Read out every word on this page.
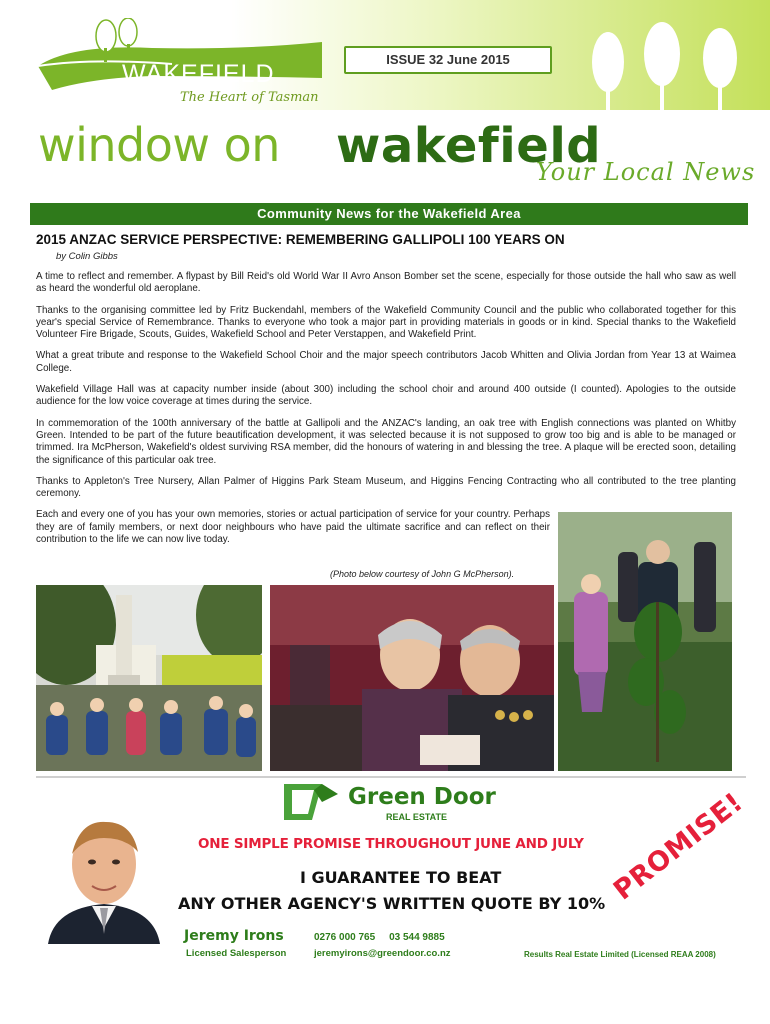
WAKEFIELD
The Heart of Tasman
ISSUE 32 June 2015
window on wakefield
Your Local News
Community News for the Wakefield Area
2015 ANZAC SERVICE PERSPECTIVE: REMEMBERING GALLIPOLI 100 YEARS ON
by Colin Gibbs

A time to reflect and remember. A flypast by Bill Reid's old World War II Avro Anson Bomber set the scene, especially for those outside the hall who saw as well as heard the wonderful old aeroplane.

Thanks to the organising committee led by Fritz Buckendahl, members of the Wakefield Community Council and the public who collaborated together for this year's special Service of Remembrance. Thanks to everyone who took a major part in providing materials in goods or in kind. Special thanks to the Wakefield Volunteer Fire Brigade, Scouts, Guides, Wakefield School and Peter Verstappen, and Wakefield Print.

What a great tribute and response to the Wakefield School Choir and the major speech contributors Jacob Whitten and Olivia Jordan from Year 13 at Waimea College.

Wakefield Village Hall was at capacity number inside (about 300) including the school choir and around 400 outside (I counted). Apologies to the outside audience for the low voice coverage at times during the service.

In commemoration of the 100th anniversary of the battle at Gallipoli and the ANZAC's landing, an oak tree with English connections was planted on Whitby Green. Intended to be part of the future beautification development, it was selected because it is not supposed to grow too big and is able to be managed or trimmed. Ira McPherson, Wakefield's oldest surviving RSA member, did the honours of watering in and blessing the tree. A plaque will be erected soon, detailing the significance of this particular oak tree.

Thanks to Appleton's Tree Nursery, Allan Palmer of Higgins Park Steam Museum, and Higgins Fencing Contracting who all contributed to the tree planting ceremony.

Each and every one of you has your own memories, stories or actual participation of service for your country. Perhaps they are of family members, or next door neighbours who have paid the ultimate sacrifice and can reflect on their contribution to the life we can now live today.

(Photo below courtesy of John G McPherson).
Green Door
REAL ESTATE
ONE SIMPLE PROMISE THROUGHOUT JUNE AND JULY
I GUARANTEE TO BEAT
ANY OTHER AGENCY'S WRITTEN QUOTE BY 10% PROMISE!
Jeremy Irons
Licensed Salesperson
0276 000 765     03 544 9885
jeremyirons@greendoor.co.nz	Results Real Estate Limited (Licensed REAA 2008)
